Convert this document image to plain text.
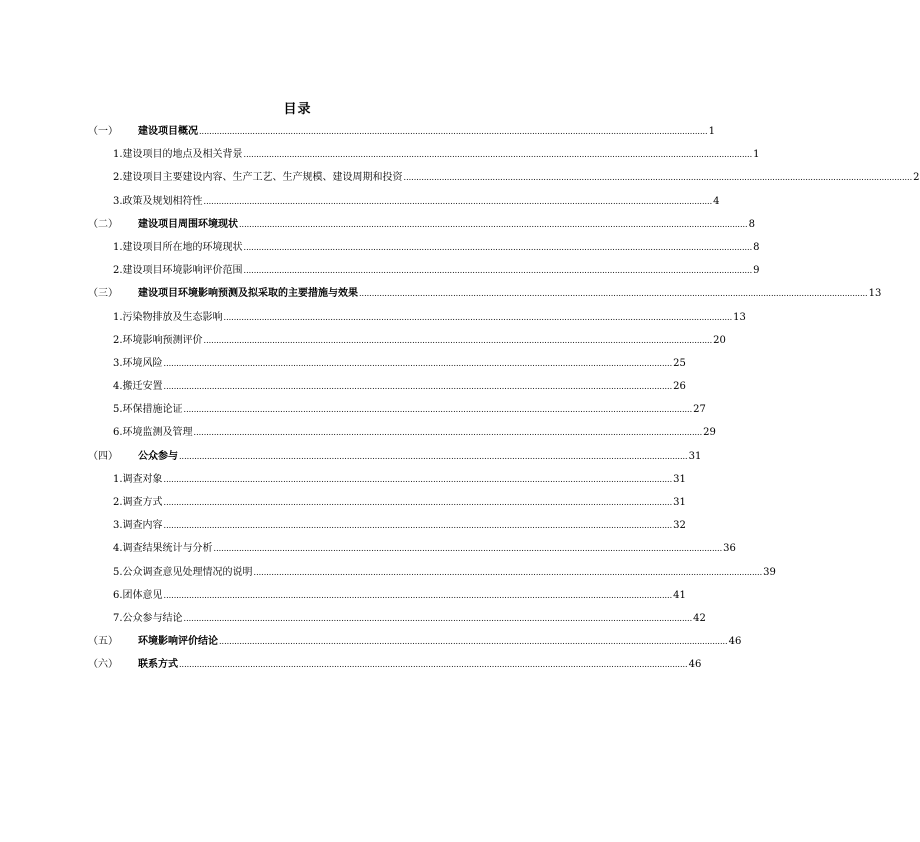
目录
（一）	建设项目概况 ........................................................................................................................................................................................................ 1
1.建设项目的地点及相关背景 ........................................................................................................................................................................................................ 1
2.建设项目主要建设内容、生产工艺、生产规模、建设周期和投资 ........................................................................................................................................................................................................ 2
3.政策及规划相符性 ........................................................................................................................................................................................................ 4
（二）	建设项目周围环境现状 ........................................................................................................................................................................................................ 8
1.建设项目所在地的环境现状 ........................................................................................................................................................................................................ 8
2.建设项目环境影响评价范围 ........................................................................................................................................................................................................ 9
（三）	建设项目环境影响预测及拟采取的主要措施与效果 ........................................................................................................................................................................................................ 13
1.污染物排放及生态影响 ........................................................................................................................................................................................................ 13
2.环境影响预测评价 ........................................................................................................................................................................................................ 20
3.环境风险 ........................................................................................................................................................................................................ 25
4.搬迁安置 ........................................................................................................................................................................................................ 26
5.环保措施论证 ........................................................................................................................................................................................................ 27
6.环境监测及管理 ........................................................................................................................................................................................................ 29
（四）	公众参与 ........................................................................................................................................................................................................ 31
1.调查对象 ........................................................................................................................................................................................................ 31
2.调查方式 ........................................................................................................................................................................................................ 31
3.调查内容 ........................................................................................................................................................................................................ 32
4.调查结果统计与分析 ........................................................................................................................................................................................................ 36
5.公众调查意见处理情况的说明 ........................................................................................................................................................................................................ 39
6.团体意见 ........................................................................................................................................................................................................ 41
7.公众参与结论 ........................................................................................................................................................................................................ 42
（五）	环境影响评价结论 ........................................................................................................................................................................................................ 46
（六）	联系方式 ........................................................................................................................................................................................................ 46
